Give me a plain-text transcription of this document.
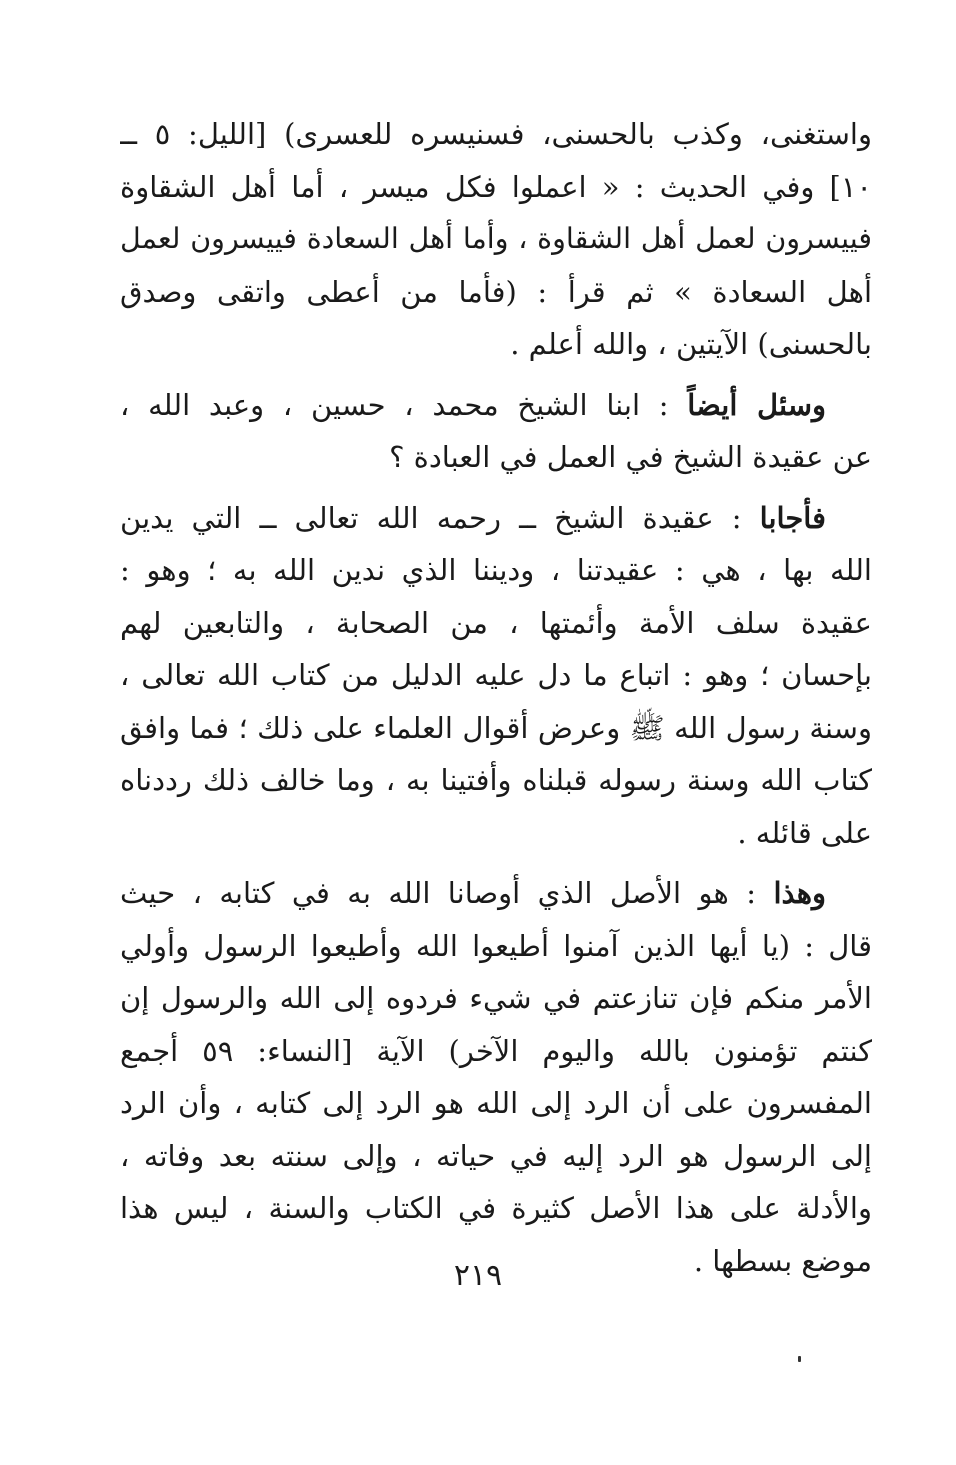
واستغنى، وكذب بالحسنى، فسنيسره للعسرى) [الليل: ٥ ــ
١٠] وفي الحديث : « اعملوا فكل ميسر ، أما أهل الشقاوة
فييسرون لعمل أهل الشقاوة ، وأما أهل السعادة فييسرون لعمل
أهل السعادة » ثم قرأ : (فأما من أعطى واتقى وصدق
بالحسنى) الآيتين ، والله أعلم .
وسئل أيضاً : ابنا الشيخ محمد ، حسين ، وعبد الله ،
عن عقيدة الشيخ في العمل في العبادة ؟
فأجابا : عقيدة الشيخ ــ رحمه الله تعالى ــ التي يدين
الله بها ، هي : عقيدتنا ، وديننا الذي ندين الله به ؛ وهو :
عقيدة سلف الأمة وأئمتها ، من الصحابة ، والتابعين لهم
بإحسان ؛ وهو : اتباع ما دل عليه الدليل من كتاب الله تعالى ،
وسنة رسول الله ﷺ وعرض أقوال العلماء على ذلك ؛ فما وافق
كتاب الله وسنة رسوله قبلناه وأفتينا به ، وما خالف ذلك رددناه
على قائله .
وهذا : هو الأصل الذي أوصانا الله به في كتابه ، حيث
قال : (يا أيها الذين آمنوا أطيعوا الله وأطيعوا الرسول وأولي
الأمر منكم فإن تنازعتم في شيء فردوه إلى الله والرسول إن
كنتم تؤمنون بالله واليوم الآخر) الآية [النساء: ٥٩ أجمع
المفسرون على أن الرد إلى الله هو الرد إلى كتابه ، وأن الرد
إلى الرسول هو الرد إليه في حياته ، وإلى سنته بعد وفاته ،
والأدلة على هذا الأصل كثيرة في الكتاب والسنة ، ليس هذا
موضع بسطها .
٢١٩
